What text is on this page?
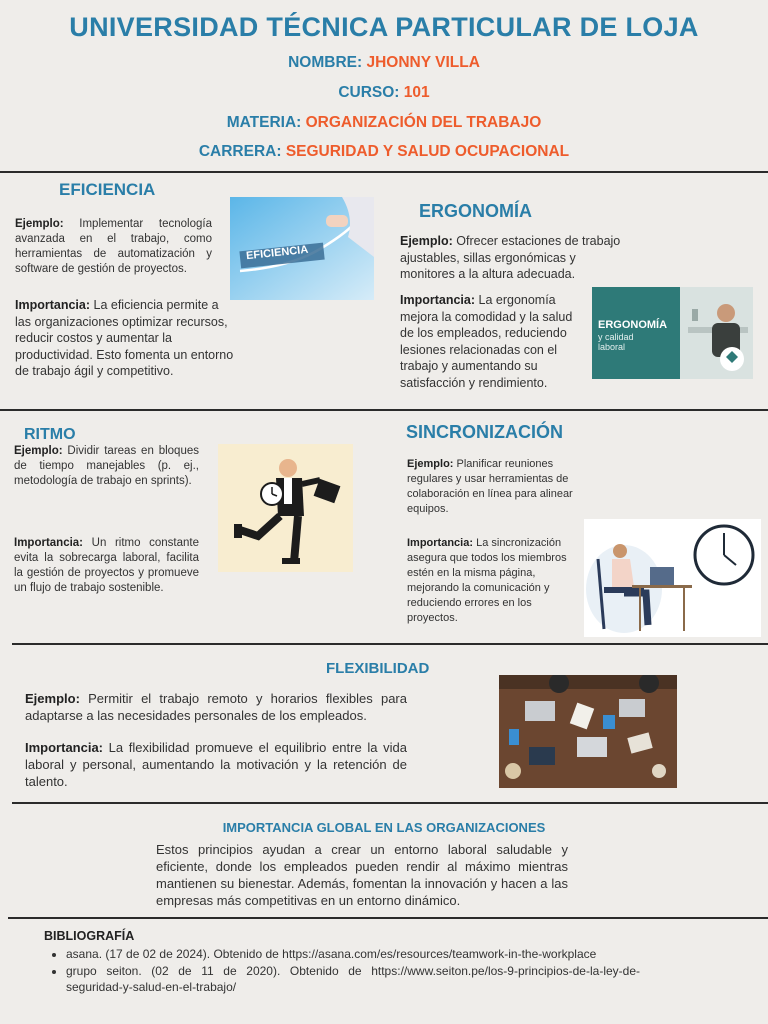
UNIVERSIDAD TÉCNICA PARTICULAR DE LOJA
NOMBRE: JHONNY VILLA
CURSO: 101
MATERIA: ORGANIZACIÓN DEL TRABAJO
CARRERA: SEGURIDAD Y SALUD OCUPACIONAL
EFICIENCIA
Ejemplo: Implementar tecnología avanzada en el trabajo, como herramientas de automatización y software de gestión de proyectos.
Importancia: La eficiencia permite a las organizaciones optimizar recursos, reducir costos y aumentar la productividad. Esto fomenta un entorno de trabajo ágil y competitivo.
EFICIENCIA
ERGONOMÍA
Ejemplo: Ofrecer estaciones de trabajo ajustables, sillas ergonómicas y monitores a la altura adecuada.
Importancia: La ergonomía mejora la comodidad y la salud de los empleados, reduciendo lesiones relacionadas con el trabajo y aumentando su satisfacción y rendimiento.
ERGONOMÍA
y calidad
laboral
RITMO
Ejemplo: Dividir tareas en bloques de tiempo manejables (p. ej., metodología de trabajo en sprints).
Importancia: Un ritmo constante evita la sobrecarga laboral, facilita la gestión de proyectos y promueve un flujo de trabajo sostenible.
SINCRONIZACIÓN
Ejemplo: Planificar reuniones regulares y usar herramientas de colaboración en línea para alinear equipos.
Importancia: La sincronización asegura que todos los miembros estén en la misma página, mejorando la comunicación y reduciendo errores en los proyectos.
FLEXIBILIDAD
Ejemplo: Permitir el trabajo remoto y horarios flexibles para adaptarse a las necesidades personales de los empleados.
Importancia: La flexibilidad promueve el equilibrio entre la vida laboral y personal, aumentando la motivación y la retención de talento.
IMPORTANCIA GLOBAL EN LAS ORGANIZACIONES
Estos principios ayudan a crear un entorno laboral saludable y eficiente, donde los empleados pueden rendir al máximo mientras mantienen su bienestar. Además, fomentan la innovación y hacen a las empresas más competitivas en un entorno dinámico.
BIBLIOGRAFÍA
• asana. (17 de 02 de 2024). Obtenido de https://asana.com/es/resources/teamwork-in-the-workplace
• grupo seiton. (02 de 11 de 2020). Obtenido de https://www.seiton.pe/los-9-principios-de-la-ley-de-seguridad-y-salud-en-el-trabajo/
